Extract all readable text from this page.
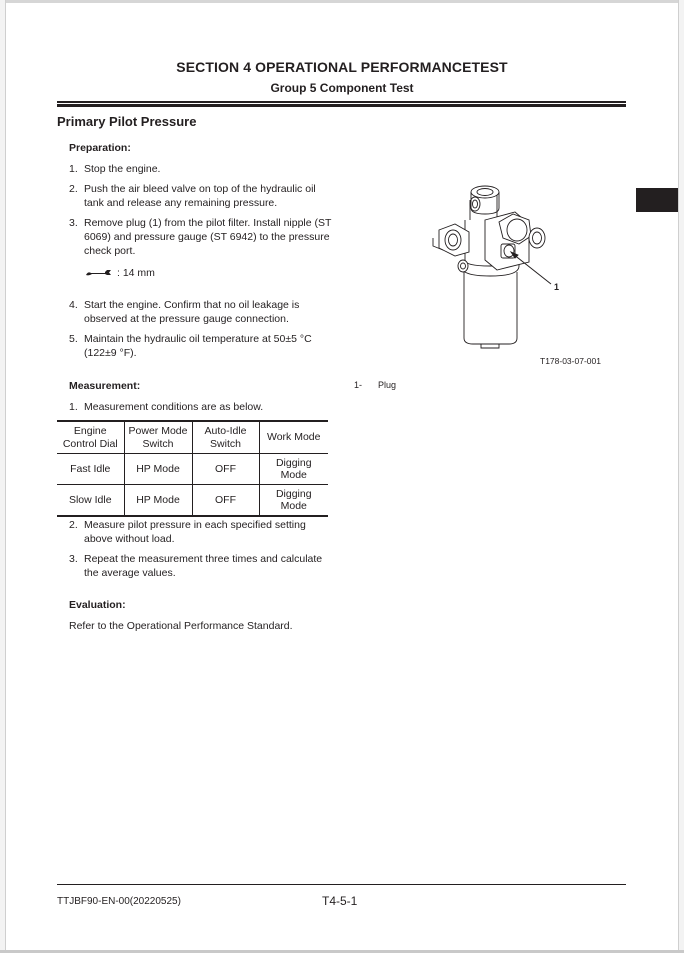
SECTION 4 OPERATIONAL PERFORMANCETEST
Group 5 Component Test
Primary Pilot Pressure
Preparation:
1. Stop the engine.
2. Push the air bleed valve on top of the hydraulic oil tank and release any remaining pressure.
3. Remove plug (1) from the pilot filter. Install nipple (ST 6069) and pressure gauge (ST 6942) to the pressure check port.
: 14 mm
4. Start the engine. Confirm that no oil leakage is observed at the pressure gauge connection.
5. Maintain the hydraulic oil temperature at 50±5 °C (122±9 °F).
Measurement:
1. Measurement conditions are as below.
Engine Control Dial	Power Mode Switch	Auto-Idle Switch	Work Mode
Fast Idle	HP Mode	OFF	Digging Mode
Slow Idle	HP Mode	OFF	Digging Mode
2. Measure pilot pressure in each specified setting above without load.
3. Repeat the measurement three times and calculate the average values.
Evaluation:
Refer to the Operational Performance Standard.
1
T178-03-07-001
1- Plug
TTJBF90-EN-00(20220525)	T4-5-1
